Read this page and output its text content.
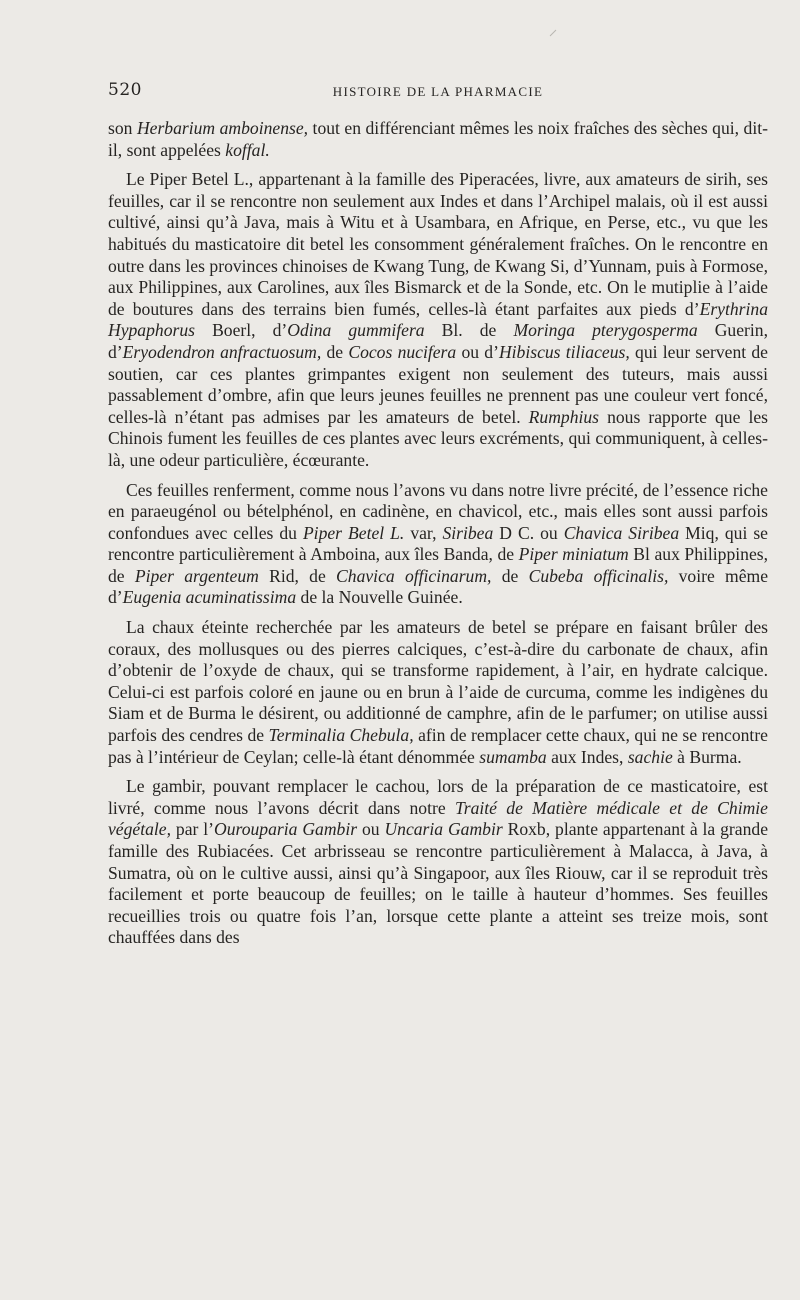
520	HISTOIRE DE LA PHARMACIE

son Herbarium amboinense, tout en différenciant mêmes les noix fraîches des sèches qui, dit-il, sont appelées koffal.

Le Piper Betel L., appartenant à la famille des Piperacées, livre, aux amateurs de sirih, ses feuilles, car il se rencontre non seulement aux Indes et dans l’Archipel malais, où il est aussi cultivé, ainsi qu’à Java, mais à Witu et à Usambara, en Afrique, en Perse, etc., vu que les habitués du masticatoire dit betel les consomment généralement fraîches. On le rencontre en outre dans les provinces chinoises de Kwang Tung, de Kwang Si, d’Yunnam, puis à Formose, aux Philippines, aux Carolines, aux îles Bismarck et de la Sonde, etc. On le mutiplie à l’aide de boutures dans des terrains bien fumés, celles-là étant parfaites aux pieds d’Erythrina Hypaphorus Boerl, d’Odina gummifera Bl. de Moringa pterygosperma Guerin, d’Eryodendron anfractuosum, de Cocos nucifera ou d’Hibiscus tiliaceus, qui leur servent de soutien, car ces plantes grimpantes exigent non seulement des tuteurs, mais aussi passablement d’ombre, afin que leurs jeunes feuilles ne prennent pas une couleur vert foncé, celles-là n’étant pas admises par les amateurs de betel. Rumphius nous rapporte que les Chinois fument les feuilles de ces plantes avec leurs excréments, qui communiquent, à celles-là, une odeur particulière, écœurante.

Ces feuilles renferment, comme nous l’avons vu dans notre livre précité, de l’essence riche en paraeugénol ou bételphénol, en cadinène, en chavicol, etc., mais elles sont aussi parfois confondues avec celles du Piper Betel L. var, Siribea D C. ou Chavica Siribea Miq, qui se rencontre particulièrement à Amboina, aux îles Banda, de Piper miniatum Bl aux Philippines, de Piper argenteum Rid, de Chavica officinarum, de Cubeba officinalis, voire même d’Eugenia acuminatissima de la Nouvelle Guinée.

La chaux éteinte recherchée par les amateurs de betel se prépare en faisant brûler des coraux, des mollusques ou des pierres calciques, c’est-à-dire du carbonate de chaux, afin d’obtenir de l’oxyde de chaux, qui se transforme rapidement, à l’air, en hydrate calcique. Celui-ci est parfois coloré en jaune ou en brun à l’aide de curcuma, comme les indigènes du Siam et de Burma le désirent, ou additionné de camphre, afin de le parfumer; on utilise aussi parfois des cendres de Terminalia Chebula, afin de remplacer cette chaux, qui ne se rencontre pas à l’intérieur de Ceylan; celle-là étant dénommée sumamba aux Indes, sachie à Burma.

Le gambir, pouvant remplacer le cachou, lors de la préparation de ce masticatoire, est livré, comme nous l’avons décrit dans notre Traité de Matière médicale et de Chimie végétale, par l’Ourouparia Gambir ou Uncaria Gambir Roxb, plante appartenant à la grande famille des Rubiacées. Cet arbrisseau se rencontre particulièrement à Malacca, à Java, à Sumatra, où on le cultive aussi, ainsi qu’à Singapoor, aux îles Riouw, car il se reproduit très facilement et porte beaucoup de feuilles; on le taille à hauteur d’hommes. Ses feuilles recueillies trois ou quatre fois l’an, lorsque cette plante a atteint ses treize mois, sont chauffées dans des
